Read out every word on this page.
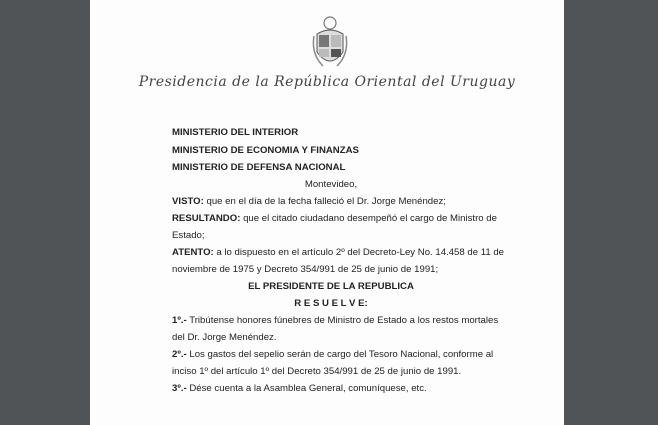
Presidencia de la República Oriental del Uruguay
MINISTERIO DEL INTERIOR
MINISTERIO DE ECONOMIA Y FINANZAS
MINISTERIO DE DEFENSA NACIONAL
Montevideo,
VISTO: que en el día de la fecha falleció el Dr. Jorge Menéndez;
RESULTANDO: que el citado ciudadano desempeñó el cargo de Ministro de
Estado;
ATENTO: a lo dispuesto en el artículo 2º del Decreto-Ley No. 14.458 de 11 de
noviembre de 1975 y Decreto 354/991 de 25 de junio de 1991;
EL PRESIDENTE DE LA REPUBLICA
R E S U E L V E:
1º.- Tribútense honores fúnebres de Ministro de Estado a los restos mortales
del Dr. Jorge Menéndez.
2º.- Los gastos del sepelio serán de cargo del Tesoro Nacional, conforme al
inciso 1º del artículo 1º del Decreto 354/991 de 25 de junio de 1991.
3º.- Dése cuenta a la Asamblea General, comuníquese, etc.
